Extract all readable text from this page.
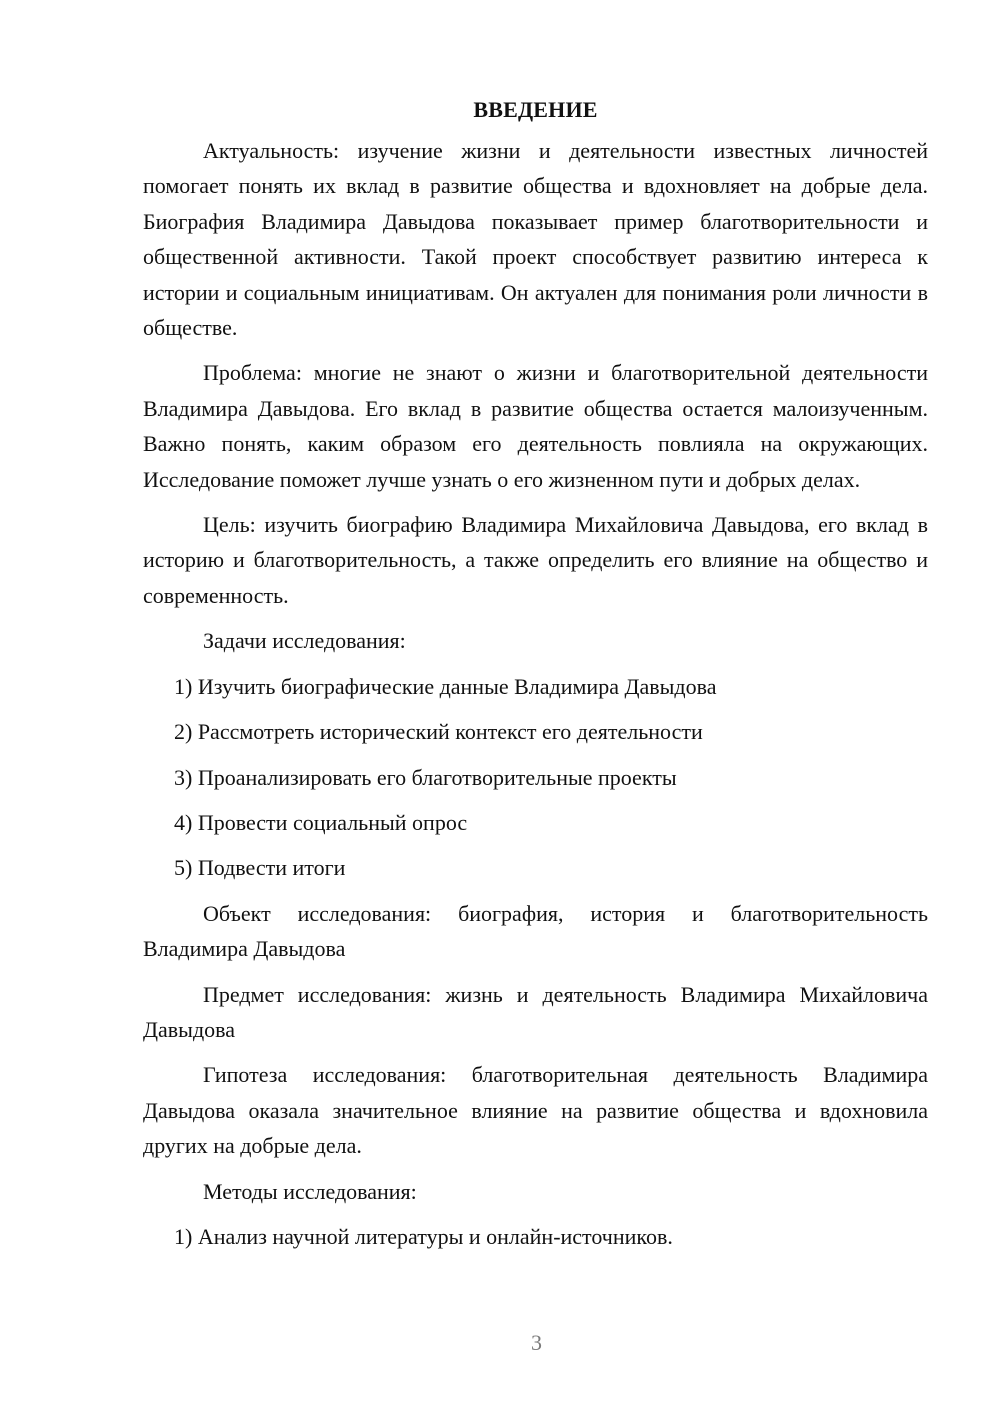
ВВЕДЕНИЕ

Актуальность: изучение жизни и деятельности известных личностей помогает понять их вклад в развитие общества и вдохновляет на добрые дела. Биография Владимира Давыдова показывает пример благотворительности и общественной активности. Такой проект способствует развитию интереса к истории и социальным инициативам. Он актуален для понимания роли личности в обществе.

Проблема: многие не знают о жизни и благотворительной деятельности Владимира Давыдова. Его вклад в развитие общества остается малоизученным. Важно понять, каким образом его деятельность повлияла на окружающих. Исследование поможет лучше узнать о его жизненном пути и добрых делах.

Цель: изучить биографию Владимира Михайловича Давыдова, его вклад в историю и благотворительность, а также определить его влияние на общество и современность.

Задачи исследования:

1) Изучить биографические данные Владимира Давыдова

2) Рассмотреть исторический контекст его деятельности

3) Проанализировать его благотворительные проекты

4) Провести социальный опрос

5) Подвести итоги

Объект исследования: биография, история и благотворительность Владимира Давыдова

Предмет исследования: жизнь и деятельность Владимира Михайловича Давыдова

Гипотеза исследования: благотворительная деятельность Владимира Давыдова оказала значительное влияние на развитие общества и вдохновила других на добрые дела.

Методы исследования:

1) Анализ научной литературы и онлайн-источников.

3
